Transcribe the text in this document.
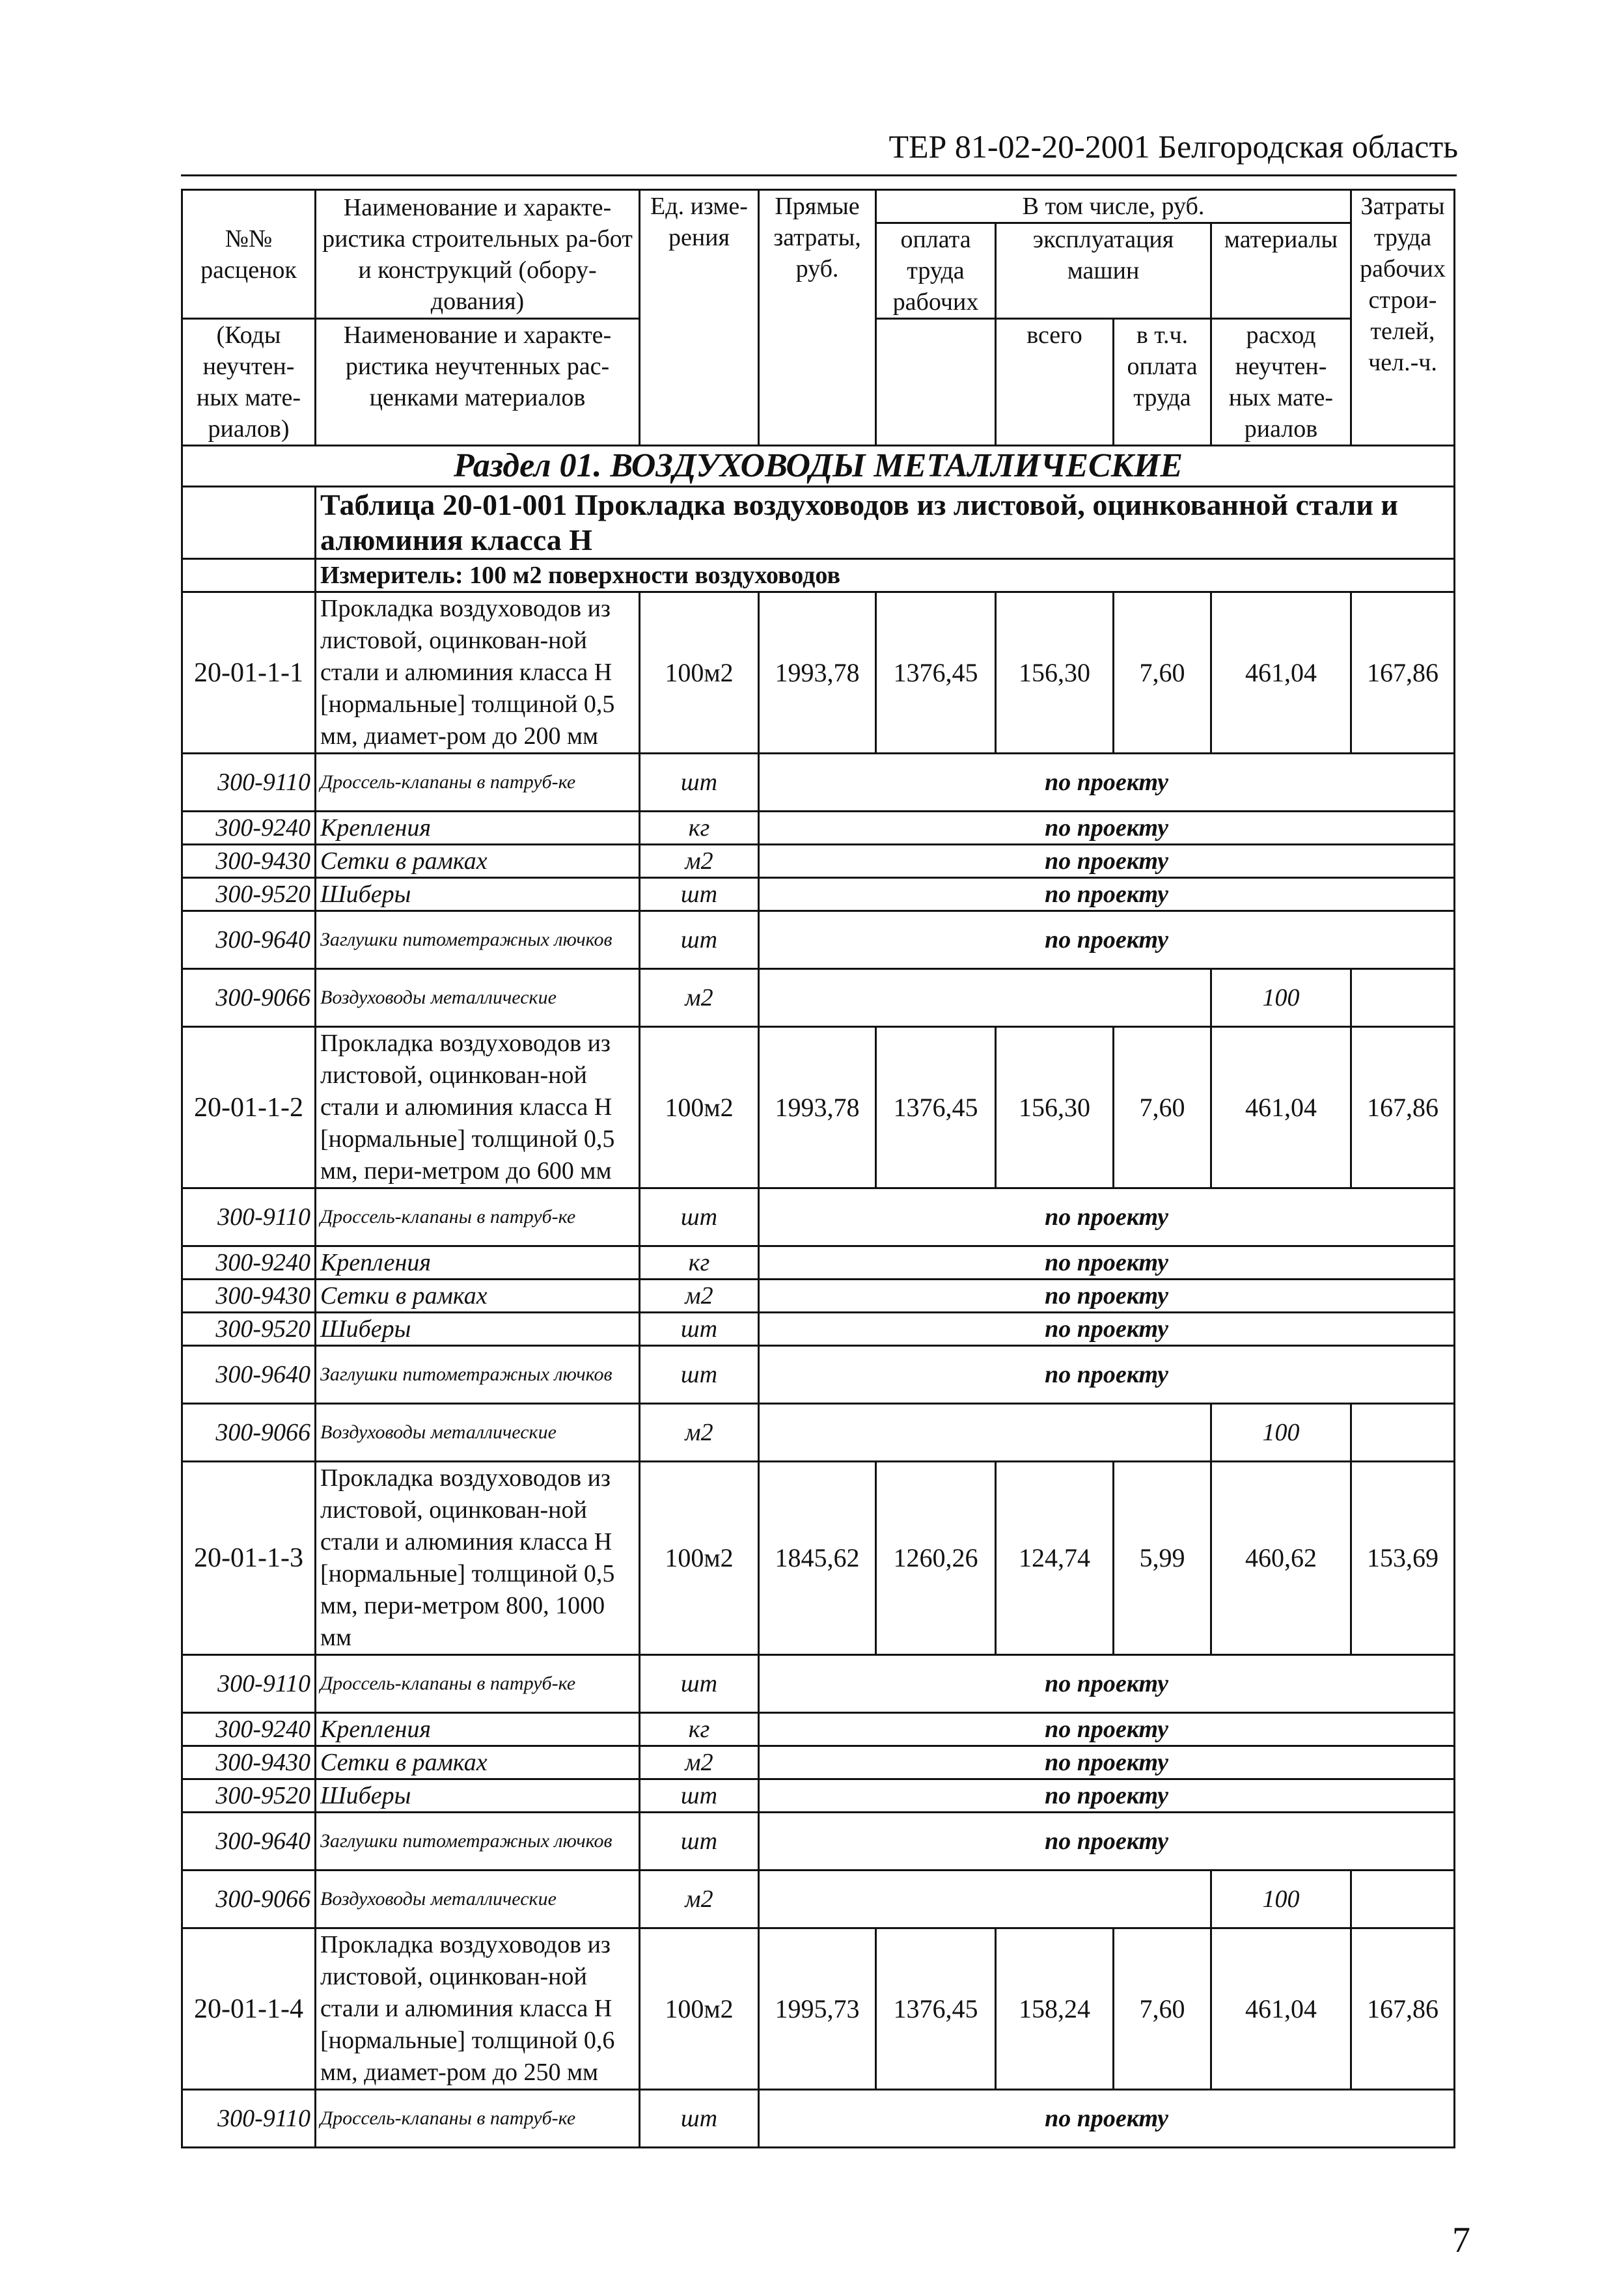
ТЕР 81-02-20-2001 Белгородская область
№№ расценок	Наименование и характе-ристика строительных ра-бот и конструкций (обору-дования)	Ед. изме-рения	Прямые затраты, руб.	В том числе, руб.				Затраты труда рабочих строи-телей, чел.-ч.
				оплата труда рабочих	эксплуатация машин		материалы	

(Коды неучтен-ных мате-риалов)	Наименование и характе-ристика неучтенных рас-ценками материалов				всего	в т.ч. оплата труда	расход неучтен-ных мате-риалов	

Раздел 01. ВОЗДУХОВОДЫ МЕТАЛЛИЧЕСКИЕ								
	Таблица 20-01-001 Прокладка воздуховодов из листовой, оцинкованной стали и алюминия класса Н							
	Измеритель: 100 м2 поверхности воздуховодов							
20-01-1-1	Прокладка воздуховодов из листовой, оцинкован-ной стали и алюминия класса Н [нормальные] толщиной 0,5 мм, диамет-ром до 200 мм	100м2	1993,78	1376,45	156,30	7,60	461,04	167,86
300-9110	Дроссель-клапаны в патруб-ке	шт	по проекту					
300-9240	Крепления	кг	по проекту					
300-9430	Сетки в рамках	м2	по проекту					
300-9520	Шиберы	шт	по проекту					
300-9640	Заглушки питометражных лючков	шт	по проекту					
300-9066	Воздуховоды металлические	м2					100	
20-01-1-2	Прокладка воздуховодов из листовой, оцинкован-ной стали и алюминия класса Н [нормальные] толщиной 0,5 мм, пери-метром до 600 мм	100м2	1993,78	1376,45	156,30	7,60	461,04	167,86
300-9110	Дроссель-клапаны в патруб-ке	шт	по проекту					
300-9240	Крепления	кг	по проекту					
300-9430	Сетки в рамках	м2	по проекту					
300-9520	Шиберы	шт	по проекту					
300-9640	Заглушки питометражных лючков	шт	по проекту					
300-9066	Воздуховоды металлические	м2					100	
20-01-1-3	Прокладка воздуховодов из листовой, оцинкован-ной стали и алюминия класса Н [нормальные] толщиной 0,5 мм, пери-метром 800, 1000 мм	100м2	1845,62	1260,26	124,74	5,99	460,62	153,69
300-9110	Дроссель-клапаны в патруб-ке	шт	по проекту					
300-9240	Крепления	кг	по проекту					
300-9430	Сетки в рамках	м2	по проекту					
300-9520	Шиберы	шт	по проекту					
300-9640	Заглушки питометражных лючков	шт	по проекту					
300-9066	Воздуховоды металлические	м2					100	
20-01-1-4	Прокладка воздуховодов из листовой, оцинкован-ной стали и алюминия класса Н [нормальные] толщиной 0,6 мм, диамет-ром до 250 мм	100м2	1995,73	1376,45	158,24	7,60	461,04	167,86
300-9110	Дроссель-клапаны в патруб-ке	шт	по проекту					
7
